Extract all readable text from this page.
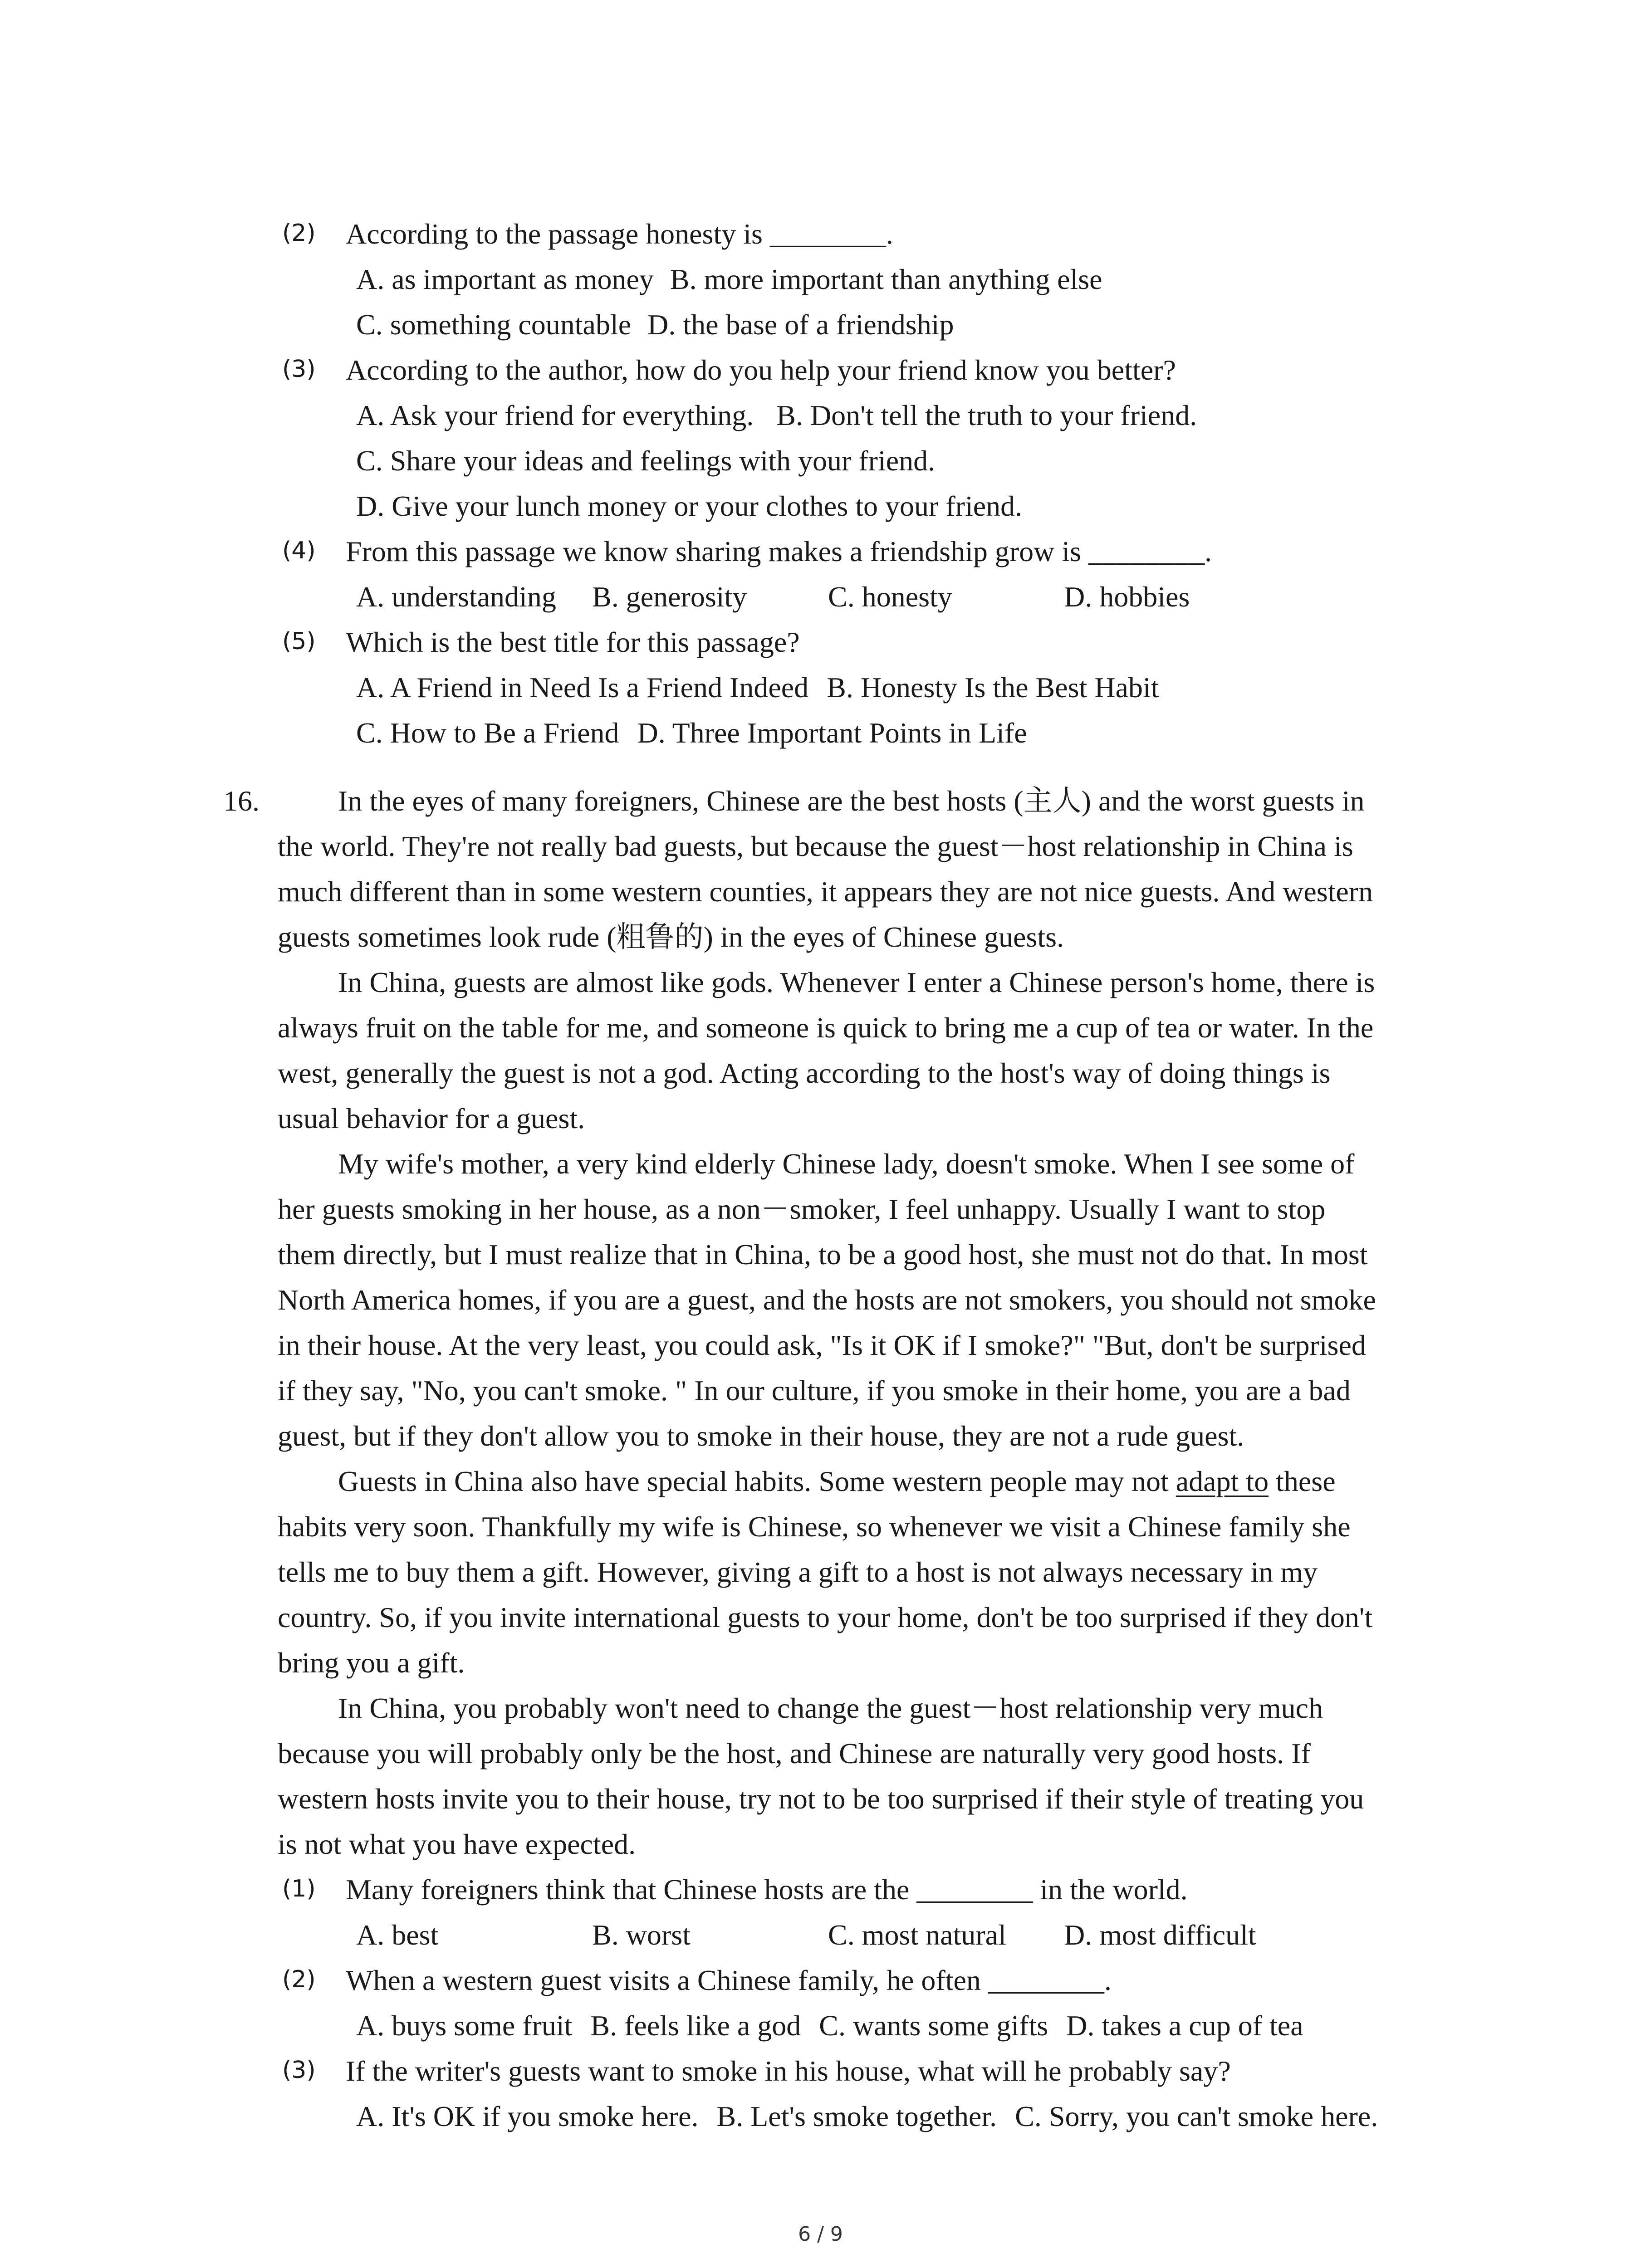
(2) According to the passage honesty is ________.
A. as important as money B. more important than anything else
C. something countable D. the base of a friendship
(3) According to the author, how do you help your friend know you better?
A. Ask your friend for everything. B. Don't tell the truth to your friend.
C. Share your ideas and feelings with your friend.
D. Give your lunch money or your clothes to your friend.
(4) From this passage we know sharing makes a friendship grow is ________.
A. understanding B. generosity	C. honesty	D. hobbies
(5) Which is the best title for this passage?
A. A Friend in Need Is a Friend Indeed B. Honesty Is the Best Habit
C. How to Be a Friend D. Three Important Points in Life
16.	In the eyes of many foreigners, Chinese are the best hosts (主人) and the worst guests in
the world. They're not really bad guests, but because the guest－host relationship in China is
much different than in some western counties, it appears they are not nice guests. And western
guests sometimes look rude (粗鲁的) in the eyes of Chinese guests.
In China, guests are almost like gods. Whenever I enter a Chinese person's home, there is
always fruit on the table for me, and someone is quick to bring me a cup of tea or water. In the
west, generally the guest is not a god. Acting according to the host's way of doing things is
usual behavior for a guest.
My wife's mother, a very kind elderly Chinese lady, doesn't smoke. When I see some of
her guests smoking in her house, as a non－smoker, I feel unhappy. Usually I want to stop
them directly, but I must realize that in China, to be a good host, she must not do that. In most
North America homes, if you are a guest, and the hosts are not smokers, you should not smoke
in their house. At the very least, you could ask, "Is it OK if I smoke?" "But, don't be surprised
if they say, "No, you can't smoke. " In our culture, if you smoke in their home, you are a bad
guest, but if they don't allow you to smoke in their house, they are not a rude guest.
Guests in China also have special habits. Some western people may not adapt to these
habits very soon. Thankfully my wife is Chinese, so whenever we visit a Chinese family she
tells me to buy them a gift. However, giving a gift to a host is not always necessary in my
country. So, if you invite international guests to your home, don't be too surprised if they don't
bring you a gift.
In China, you probably won't need to change the guest－host relationship very much
because you will probably only be the host, and Chinese are naturally very good hosts. If
western hosts invite you to their house, try not to be too surprised if their style of treating you
is not what you have expected.
(1) Many foreigners think that Chinese hosts are the ________ in the world.
A. best	B. worst	C. most natural D. most difficult
(2) When a western guest visits a Chinese family, he often ________.
A. buys some fruit B. feels like a god C. wants some gifts D. takes a cup of tea
(3) If the writer's guests want to smoke in his house, what will he probably say?
A. It's OK if you smoke here. B. Let's smoke together. C. Sorry, you can't smoke here.
6 / 9
